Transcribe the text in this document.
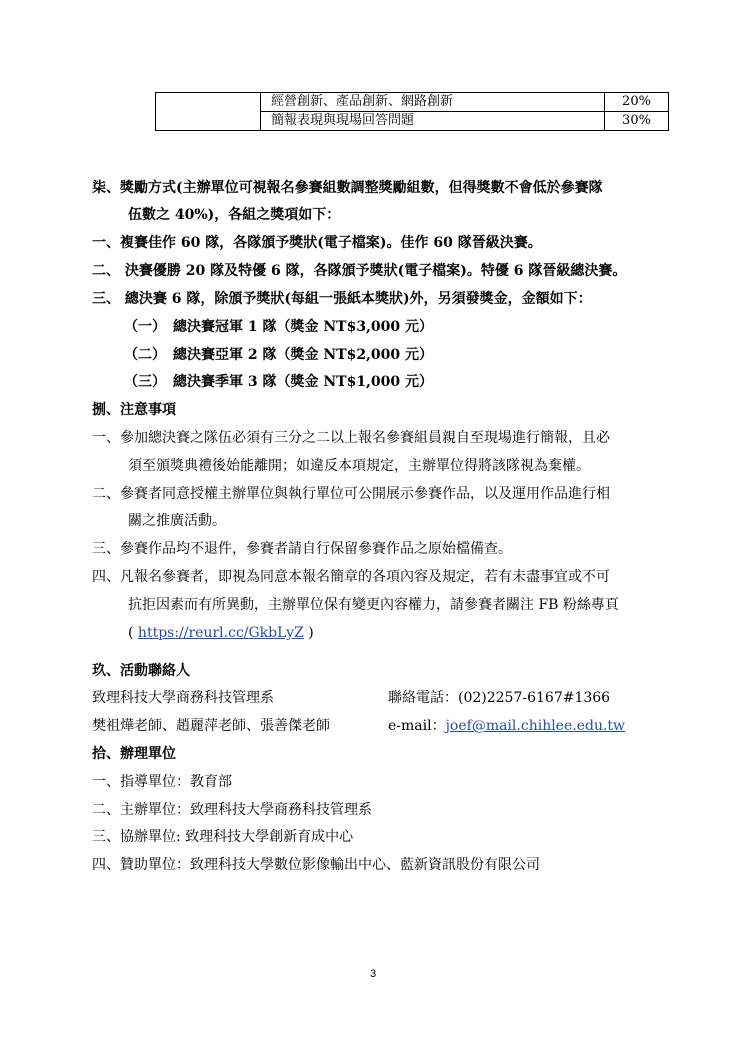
	經營創新、產品創新、網路創新	20%
	簡報表現與現場回答問題	30%
柒、獎勵方式(主辦單位可視報名參賽組數調整獎勵組數，但得獎數不會低於參賽隊
伍數之 40%)，各組之獎項如下：
一、複賽佳作 60 隊，各隊頒予獎狀(電子檔案)。佳作 60 隊晉級決賽。
二、 決賽優勝 20 隊及特優 6 隊，各隊頒予獎狀(電子檔案)。特優 6 隊晉級總決賽。
三、 總決賽 6 隊，除頒予獎狀(每組一張紙本獎狀)外，另須發獎金，金額如下：
（一）　總決賽冠軍 1 隊（獎金 NT$3,000 元）
（二）　總決賽亞軍 2 隊（獎金 NT$2,000 元）
（三）　總決賽季軍 3 隊（獎金 NT$1,000 元）
捌、注意事項
一、參加總決賽之隊伍必須有三分之二以上報名參賽組員親自至現場進行簡報，且必
須至頒獎典禮後始能離開；如違反本項規定，主辦單位得將該隊視為棄權。
二、參賽者同意授權主辦單位與執行單位可公開展示參賽作品，以及運用作品進行相
關之推廣活動。
三、參賽作品均不退件，參賽者請自行保留參賽作品之原始檔備查。
四、凡報名參賽者，即視為同意本報名簡章的各項內容及規定，若有未盡事宜或不可
抗拒因素而有所異動，主辦單位保有變更內容權力，請參賽者關注 FB 粉絲專頁
( https://reurl.cc/GkbLyZ )
玖、活動聯絡人
致理科技大學商務科技管理系	聯絡電話：(02)2257-6167#1366
樊祖燁老師、趙麗萍老師、張善傑老師	e-mail：joef@mail.chihlee.edu.tw
拾、辦理單位
一、指導單位：教育部
二、主辦單位：致理科技大學商務科技管理系
三、協辦單位: 致理科技大學創新育成中心
四、贊助單位：致理科技大學數位影像輸出中心、藍新資訊股份有限公司
3
